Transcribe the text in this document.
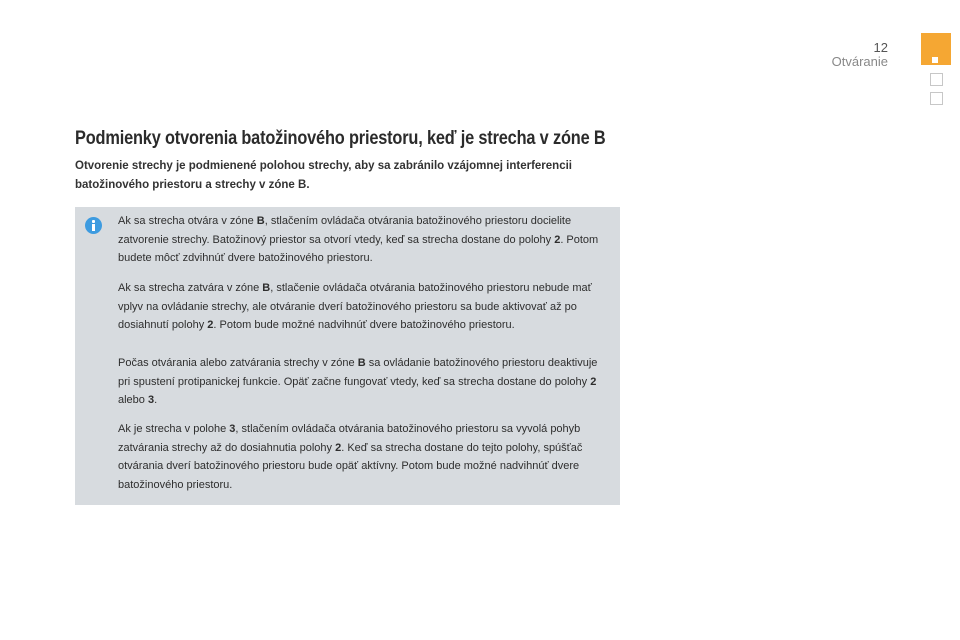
12
Otváranie
Podmienky otvorenia batožinového priestoru, keď je strecha v zóne B

Otvorenie strechy je podmienené polohou strechy, aby sa zabránilo vzájomnej interferencii batožinového priestoru a strechy v zóne B.

Ak sa strecha otvára v zóne B, stlačením ovládača otvárania batožinového priestoru docielite zatvorenie strechy. Batožinový priestor sa otvorí vtedy, keď sa strecha dostane do polohy 2. Potom budete môcť zdvihnúť dvere batožinového priestoru.

Ak sa strecha zatvára v zóne B, stlačenie ovládača otvárania batožinového priestoru nebude mať vplyv na ovládanie strechy, ale otváranie dverí batožinového priestoru sa bude aktivovať až po dosiahnutí polohy 2. Potom bude možné nadvihnúť dvere batožinového priestoru.

Počas otvárania alebo zatvárania strechy v zóne B sa ovládanie batožinového priestoru deaktivuje pri spustení protipanickej funkcie. Opäť začne fungovať vtedy, keď sa strecha dostane do polohy 2 alebo 3.

Ak je strecha v polohe 3, stlačením ovládača otvárania batožinového priestoru sa vyvolá pohyb zatvárania strechy až do dosiahnutia polohy 2. Keď sa strecha dostane do tejto polohy, spúšťač otvárania dverí batožinového priestoru bude opäť aktívny. Potom bude možné nadvihnúť dvere batožinového priestoru.
